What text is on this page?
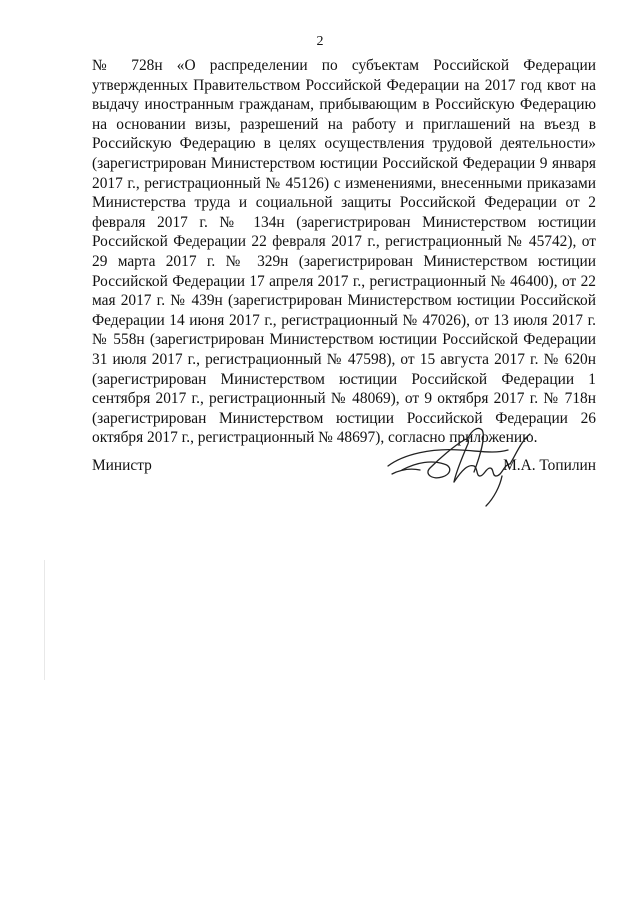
2

№ 728н «О распределении по субъектам Российской Федерации утвержденных Правительством Российской Федерации на 2017 год квот на выдачу иностранным гражданам, прибывающим в Российскую Федерацию на основании визы, разрешений на работу и приглашений на въезд в Российскую Федерацию в целях осуществления трудовой деятельности» (зарегистрирован Министерством юстиции Российской Федерации 9 января 2017 г., регистрационный № 45126) с изменениями, внесенными приказами Министерства труда и социальной защиты Российской Федерации от 2 февраля 2017 г. № 134н (зарегистрирован Министерством юстиции Российской Федерации 22 февраля 2017 г., регистрационный № 45742), от 29 марта 2017 г. № 329н (зарегистрирован Министерством юстиции Российской Федерации 17 апреля 2017 г., регистрационный № 46400), от 22 мая 2017 г. № 439н (зарегистрирован Министерством юстиции Российской Федерации 14 июня 2017 г., регистрационный № 47026), от 13 июля 2017 г. № 558н (зарегистрирован Министерством юстиции Российской Федерации 31 июля 2017 г., регистрационный № 47598), от 15 августа 2017 г. № 620н (зарегистрирован Министерством юстиции Российской Федерации 1 сентября 2017 г., регистрационный № 48069), от 9 октября 2017 г. № 718н (зарегистрирован Министерством юстиции Российской Федерации 26 октября 2017 г., регистрационный № 48697), согласно приложению.

Министр	М.А. Топилин
